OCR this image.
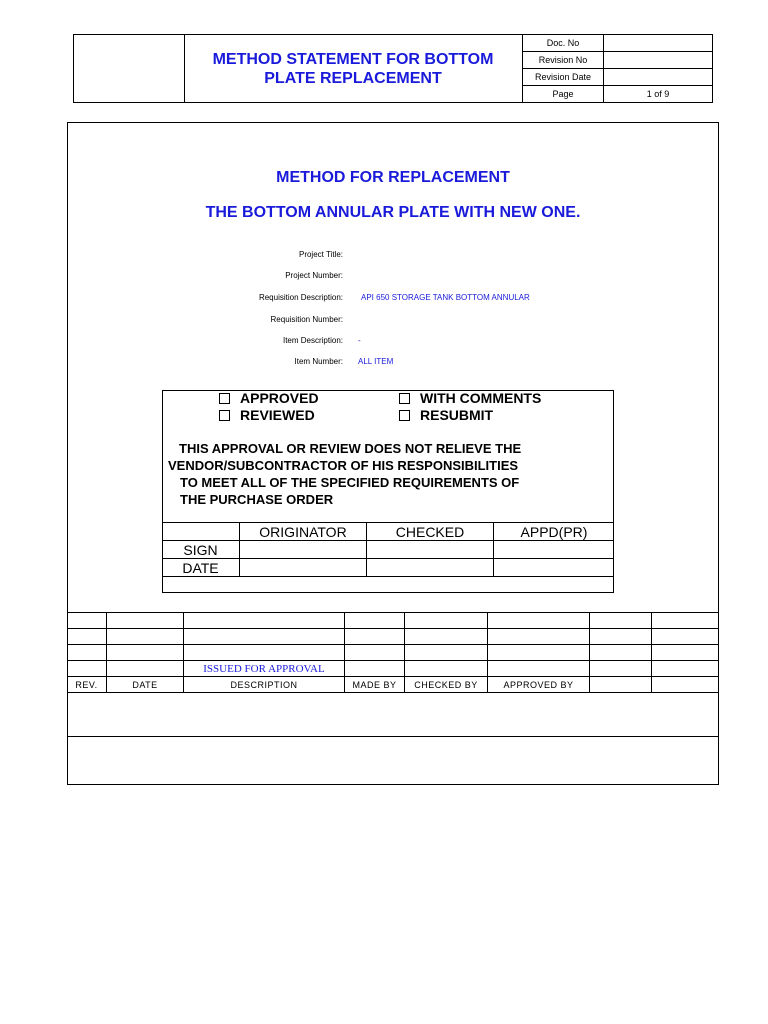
METHOD STATEMENT FOR BOTTOM
PLATE REPLACEMENT
Doc. No	
Revision No	
Revision Date	
Page	1 of 9
METHOD FOR REPLACEMENT
THE BOTTOM ANNULAR PLATE WITH NEW ONE.
Project Title:
Project Number:
Requisition Description: API 650 STORAGE TANK BOTTOM ANNULAR
Requisition Number:
Item Description: -
Item Number: ALL ITEM
APPROVED	WITH COMMENTS
REVIEWED	RESUBMIT
THIS APPROVAL OR REVIEW DOES NOT RELIEVE THE
VENDOR/SUBCONTRACTOR OF HIS RESPONSIBILITIES
TO MEET ALL OF THE SPECIFIED REQUIREMENTS OF
THE PURCHASE ORDER
	ORIGINATOR	CHECKED	APPD(PR)
SIGN			
DATE			

		ISSUED FOR APPROVAL					
REV.	DATE	DESCRIPTION	MADE BY	CHECKED BY	APPROVED BY		
